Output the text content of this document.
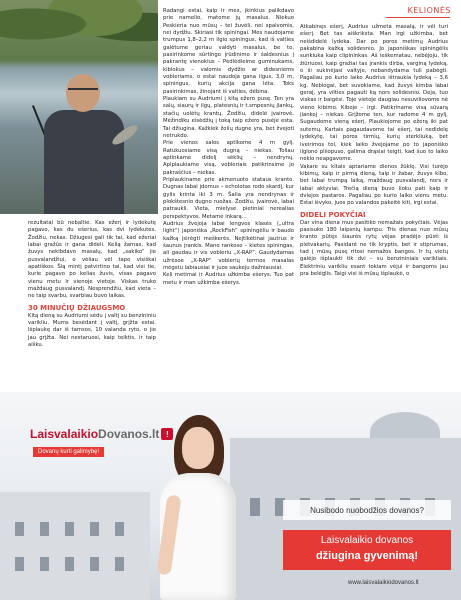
KELIONĖS

rezultatai bū nebaltie. Kas ežerį ir lydekutę pagavo, kas du ešerius, kas dvi lydekutes. Žodžiu, nekas. Džiugesi gali tik tai, kad ežeriai labai gražūs ir gana dideli. Kelią žarnas, kad žuvys nekibdavo masalų, kad „sakiko“ jie pusvalandžiui, o vėliau vėl tapo visiškai apatiškos. Šią mintį patvirtino tai, kad visi tie, kurie pagavo po kelias žuvis, visas pagavo vienu metu ir vienoje vietoje. Viskas truko maždaug pusvalandį. Nesprendžiu, kad vieta – ne taip svarbu, svarbiau buvo laikas.

30 MINUČIŲ DŽIAUGSMO

Kitą dieną su Audriumi sėdu į valtį su benzininiu varikliu. Mums besėdant į valtį, grįžta estai. Išplaukę dar iš tamsos, 10 valanda ryto, o jie jau grįžta. Nei nestaruosi, kaip teiktis, ir taip aišku.

Radangi estai, kaip ir mes, įkinkius palikdavo prie namelio, matome jų masalus. Niekuo Peskieria nuo mūsų – tei žuvėli, nei spalvomis, nei dydžiu. Skiriasi tik spiningai. Mes naudojame trumpus 1,8–2,2 m ilgio spiningus, kad iš valties galėtume geriau valdyti masalus, be to, pasirinkome sūrtingo įrūdinimo ir šaldesnius į pakrantę vienokius – Pėdlėdieime guminukams, kiblokus – valomis dydžio ar didesniems vobleriams, o estai naudoja gana ilgus, 3,0 m, spiningus, kurių akcija gana lėta. Toks pasirinkimas, žinojant iš valties, dėbina.

Plaukiam su Audriumi į kitą ežero pusę. Ten yra salų, siaurų ir ilgų, platesnių ir t.smpesnių įlankų, stačių uolėtų krantų. Žodžiu, didelė įvairovė. Mėžindiku eisėdžių į toką taip ežero pusėje esta. Tai džiugina. Kažkiek žolių dugne yra, bet žvejoti netrukdo.

Prie vienos salos aptikome 4 m gylį. Ratukuosiame visą dugną – niekas. Toliau aptinkame didelį sėklių – nendrynų. Apiplaukiame visą, vobleriais patikrinsime jo pakraščius – niekas.

Priplaukiname prie akmenuoto stataus kranto. Dugnas labai įdomus – echolotas rodo skardį, kur gylis krinta iki 3 m. Šalia yra nendrynas ir plokštesnio dugno ruožas. Žodžiu, įvairovė, labai patraukli. Vieta, mielyse pietiniai nerealias perspektyvos. Metame inkarą...

Audrius žvejoja labai lengvos klasės („ultra light“) japoniška „RockFish“ spiningėliu ir baudo kažką įsirėgti meškerės. Nejtikėtinai jautrus ir šaunus įrankis. Mano rankose – kietes spiningas, ali gaudau ir vis vobleriu „X-RAP“. Gaudydamas užrėsoe „X-RAP“ voblerių termos masalas mėgstu labiausiai ir juos saukeju dažniausiai.

Keli metimai ir Audrius užkimba ešerys. Tuo pat metu ir man užkimba ešerys.

Atkabinęs ešerį, Audrius užmeta masalą, ir vėl turi ešerį. Bet tas aiškriksta. Man irgi užkimba, bet neišdidelė lydeka. Dar po poros metimų Audrius pakabina kažką solidesnio. Jo japoniškas spiningėlis sunkiuka kaip clipininkas. Aš ieškematau, nebėjoju, tik žiūriuosi, kaip gražiai tas įrankis dirba, varginą lydeką, o ši sukinėjasi valtyje, nebandydama tuli pabėgti. Pagaliau po kurio laiko Audrius ištraukia lydeką – 3,6 kg. Neblogai, bet suvokiame, kad žuvys kimba labai geraį, yra vilties pagauti ką nors solidesnio. Deja, tuo viskas ir baigėsi. Toje vietoje daugiau nesuviliovome nė vieno kibimo. Kiboje – irgi. Patikriname visą sūvarą įlankoj – niekas. Grįžome ten, kur radome 4 m gylį. Sugaudome vieną ešerį. Plaukiojome po ežerą iki pat sutemų. Kartais pagaudavome tai ešerį, tai nedidelę lydekytę, tai poros tirmių, kurių sterkliuką, bet iveirimos tol, kiek laiko žvejojame po to japoniško ilgiono pliiopuso, galima drąsiai teigti, kad šuo to laiko nekio neapgavome.

Vakare su kitais aptariame dienos žūklę. Visi turėjo kibimų, kaip ir pirmą dieną, taip ir žabar, žuvys kibo, bet labai trumpą laiką, maždaug pusvalandį, nors ir labai aktyviai. Trečią dieną buvo lioku pati kaip ir dviejos pastaros. Pagaliau po kurio laiko vienu metu. Estai išvyko, juos po valandos pakeitė kiti, irgi estai.

DIDELI POKYČIAI

Dar vina diena mus pasitiko nemažais pokyčiais. Vėjas pasisuko 180 laipsnių kampu. Tris dienas nuo mūsų kranto pūtęs šiaurės rytų vėjas pradėjo pūsti iš pietvakarių. Pasidarė ne tik kryptis, bet ir stiprumas, tad į mūsų pusę ritosi nemažos bangos. Ir tų vietų galėjo išplaukti tik dvi – su benzininiais varikliais. Elektriniu varikliu esant tokiam vėjui ir bangoms jau pra belėglis. Taigi visi iš mūsų išplaukė, o

LaisvalaikioDovanos.lt !
Dovanų kurti galimybę!
Nusibodo nuobodžios dovanos?
Laisvalaikio dovanos
džiugina gyvenimą!
www.laisvalaikiodovanos.lt
